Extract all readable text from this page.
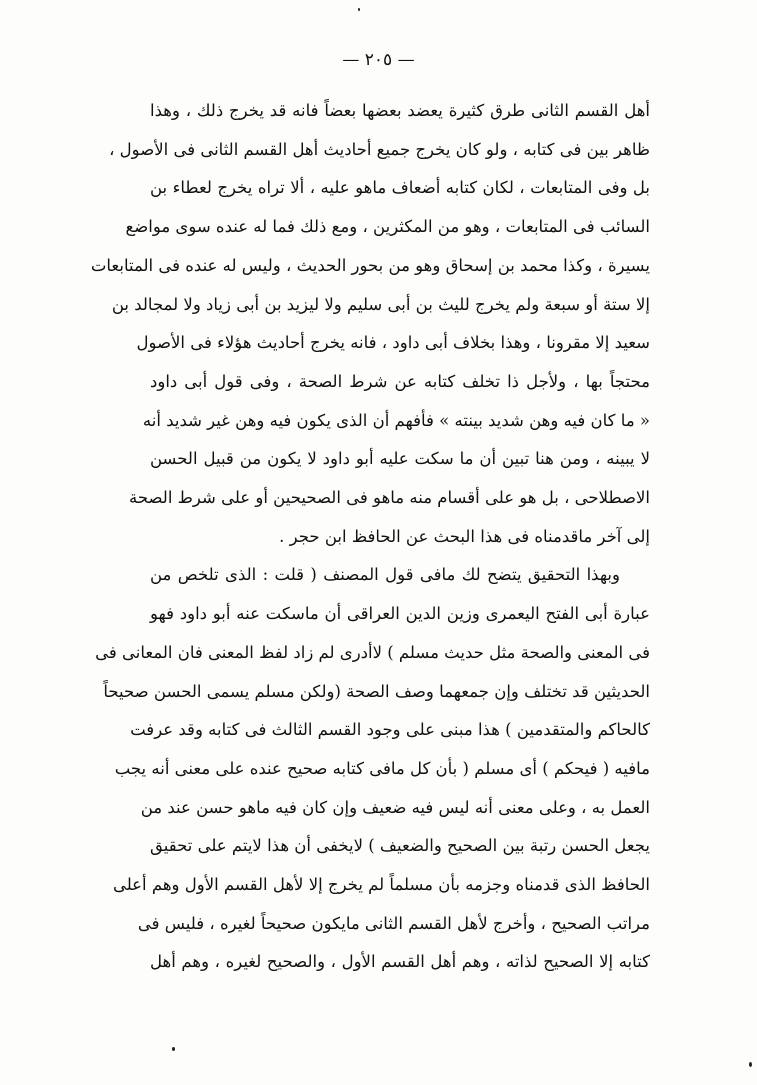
— ٢٠٥ —
أهل القسم الثانى طرق كثيرة يعضد بعضها بعضاً فانه قد يخرج ذلك ، وهذا
ظاهر بين فى كتابه ، ولو كان يخرج جميع أحاديث أهل القسم الثانى فى الأصول ،
بل وفى المتابعات ، لكان كتابه أضعاف ماهو عليه ، ألا تراه يخرج لعطاء بن
السائب فى المتابعات ، وهو من المكثرين ، ومع ذلك فما له عنده سوى مواضع
يسيرة ، وكذا محمد بن إسحاق وهو من بحور الحديث ، وليس له عنده فى المتابعات
إلا ستة أو سبعة ولم يخرج لليث بن أبى سليم ولا ليزيد بن أبى زياد ولا لمجالد بن
سعيد إلا مقرونا ، وهذا بخلاف أبى داود ، فانه يخرج أحاديث هؤلاء فى الأصول
محتجاً بها ، ولأجل ذا تخلف كتابه عن شرط الصحة ، وفى قول أبى داود
« ما كان فيه وهن شديد بينته » فأفهم أن الذى يكون فيه وهن غير شديد أنه
لا يبينه ، ومن هنا تبين أن ما سكت عليه أبو داود لا يكون من قبيل الحسن
الاصطلاحى ، بل هو على أقسام منه ماهو فى الصحيحين أو على شرط الصحة
إلى آخر ماقدمناه فى هذا البحث عن الحافظ ابن حجر .
وبهذا التحقيق يتضح لك مافى قول المصنف ( قلت : الذى تلخص من
عبارة أبى الفتح اليعمرى وزين الدين العراقى أن ماسكت عنه أبو داود فهو
فى المعنى والصحة مثل حديث مسلم ) لاأدرى لم زاد لفظ المعنى فان المعانى فى
الحديثين قد تختلف وإن جمعهما وصف الصحة (ولكن مسلم يسمى الحسن صحيحاً
كالحاكم والمتقدمين ) هذا مبنى على وجود القسم الثالث فى كتابه وقد عرفت
مافيه ( فيحكم ) أى مسلم ( بأن كل مافى كتابه صحيح عنده على معنى أنه يجب
العمل به ، وعلى معنى أنه ليس فيه ضعيف وإن كان فيه ماهو حسن عند من
يجعل الحسن رتبة بين الصحيح والضعيف ) لايخفى أن هذا لايتم على تحقيق
الحافظ الذى قدمناه وجزمه بأن مسلماً لم يخرج إلا لأهل القسم الأول وهم أعلى
مراتب الصحيح ، وأخرج لأهل القسم الثانى مايكون صحيحاً لغيره ، فليس فى
كتابه إلا الصحيح لذاته ، وهم أهل القسم الأول ، والصحيح لغيره ، وهم أهل
